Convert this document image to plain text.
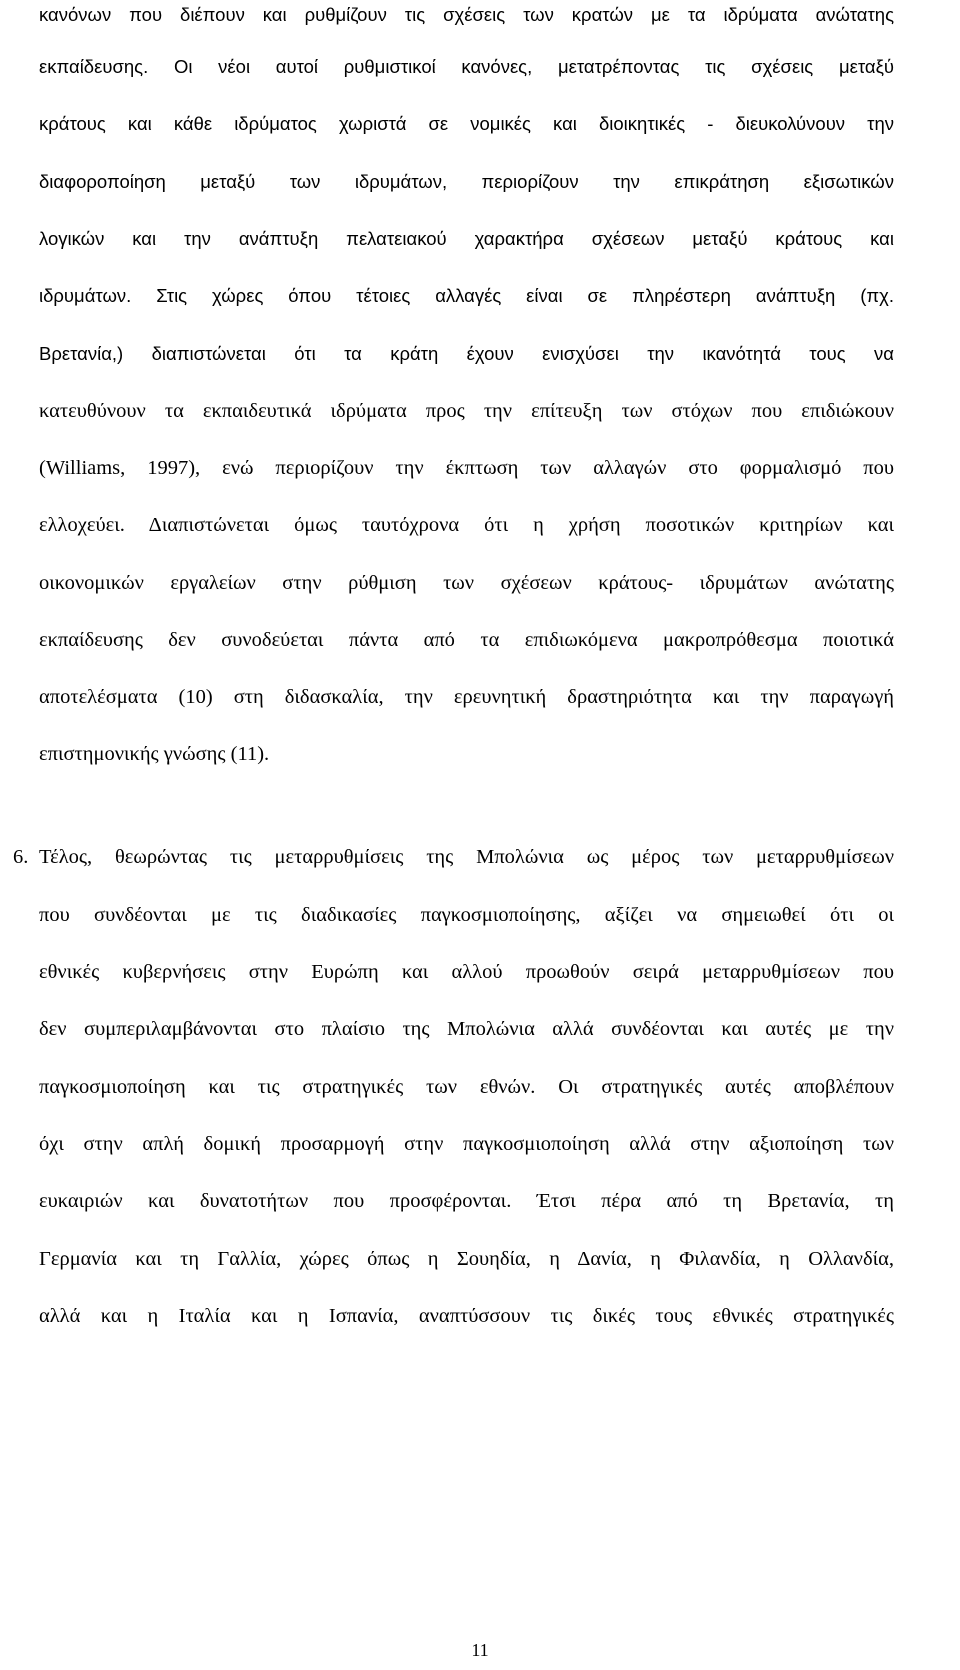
κανόνων που διέπουν και ρυθμίζουν τις σχέσεις των κρατών με τα ιδρύματα ανώτατης
εκπαίδευσης. Οι νέοι αυτοί ρυθμιστικοί κανόνες, μετατρέποντας τις σχέσεις μεταξύ
κράτους και κάθε ιδρύματος χωριστά σε νομικές και διοικητικές - διευκολύνουν την
διαφοροποίηση μεταξύ των ιδρυμάτων, περιορίζουν την επικράτηση εξισωτικών
λογικών και την ανάπτυξη πελατειακού χαρακτήρα σχέσεων μεταξύ κράτους και
ιδρυμάτων. Στις χώρες όπου τέτοιες αλλαγές είναι σε πληρέστερη ανάπτυξη (πχ.
Βρετανία,) διαπιστώνεται ότι τα κράτη έχουν ενισχύσει την ικανότητά τους να
κατευθύνουν τα εκπαιδευτικά ιδρύματα προς την επίτευξη των στόχων που επιδιώκουν
(Williams, 1997), ενώ περιορίζουν την έκπτωση των αλλαγών στο φορμαλισμό που
ελλοχεύει. Διαπιστώνεται όμως ταυτόχρονα ότι η χρήση ποσοτικών κριτηρίων και
οικονομικών εργαλείων στην ρύθμιση των σχέσεων κράτους- ιδρυμάτων ανώτατης
εκπαίδευσης δεν συνοδεύεται πάντα από τα επιδιωκόμενα μακροπρόθεσμα ποιοτικά
αποτελέσματα (10) στη διδασκαλία, την ερευνητική δραστηριότητα και την παραγωγή
επιστημονικής γνώσης (11).
6. Τέλος, θεωρώντας τις μεταρρυθμίσεις της Μπολώνια ως μέρος των μεταρρυθμίσεων
που συνδέονται με τις διαδικασίες παγκοσμιοποίησης, αξίζει να σημειωθεί ότι οι
εθνικές κυβερνήσεις στην Ευρώπη και αλλού προωθούν σειρά μεταρρυθμίσεων που
δεν συμπεριλαμβάνονται στο πλαίσιο της Μπολώνια αλλά συνδέονται και αυτές με την
παγκοσμιοποίηση και τις στρατηγικές των εθνών. Οι στρατηγικές αυτές αποβλέπουν
όχι στην απλή δομική προσαρμογή στην παγκοσμιοποίηση αλλά στην αξιοποίηση των
ευκαιριών και δυνατοτήτων που προσφέρονται. Έτσι πέρα από τη Βρετανία, τη
Γερμανία και τη Γαλλία, χώρες όπως η Σουηδία, η Δανία, η Φιλανδία, η Ολλανδία,
αλλά και η Ιταλία και η Ισπανία, αναπτύσσουν τις δικές τους εθνικές στρατηγικές
11
